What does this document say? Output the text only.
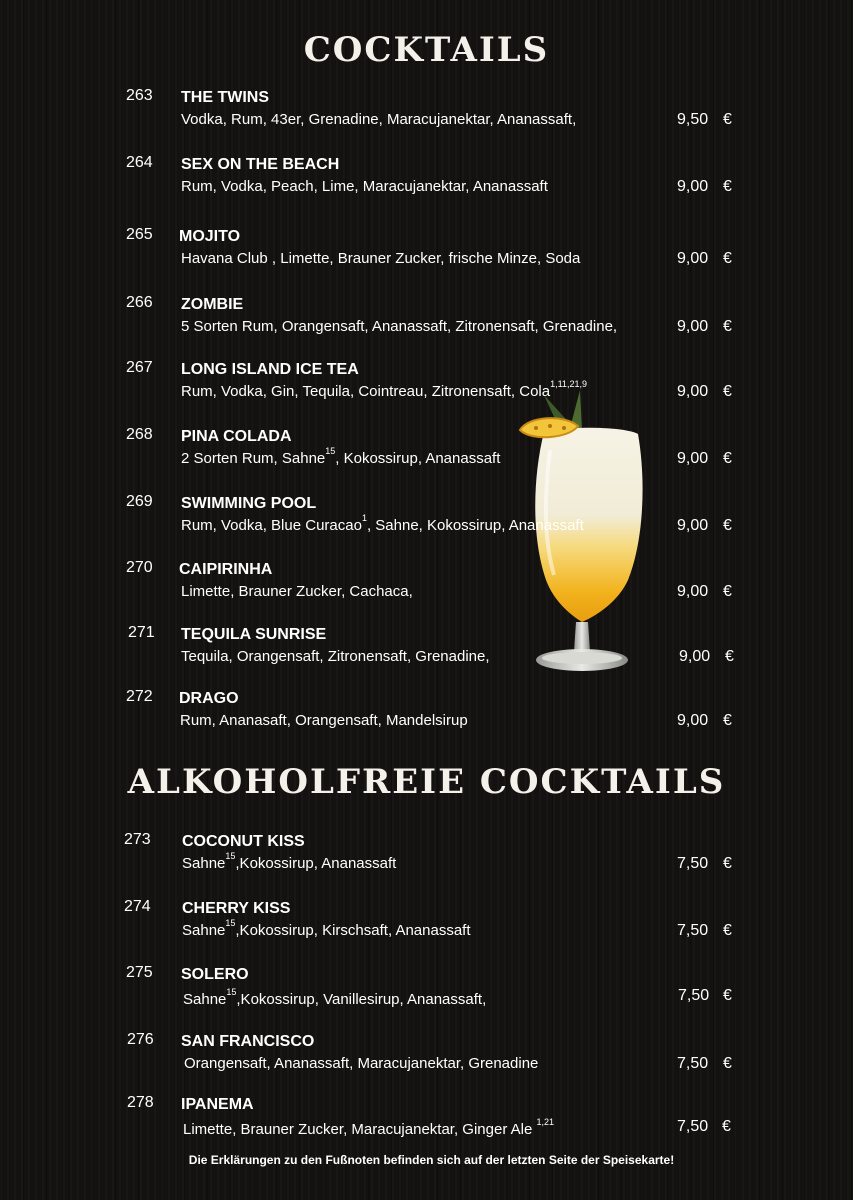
COCKTAILS
ALKOHOLFREIE COCKTAILS
263 THE TWINS
Vodka, Rum, 43er, Grenadine, Maracujanektar, Ananassaft,	9,50 €
264 SEX ON THE BEACH
Rum, Vodka, Peach, Lime, Maracujanektar, Ananassaft	9,00 €
265 MOJITO
Havana Club , Limette, Brauner Zucker, frische Minze, Soda	9,00 €
266 ZOMBIE
5 Sorten Rum, Orangensaft, Ananassaft, Zitronensaft, Grenadine,	9,00 €
267 LONG ISLAND ICE TEA
Rum, Vodka, Gin, Tequila, Cointreau, Zitronensaft, Cola$^{1,11,21,9}$	9,00 €
268 PINA COLADA
2 Sorten Rum, Sahne$^{15}$, Kokossirup, Ananassaft	9,00 €
269 SWIMMING POOL
Rum, Vodka, Blue Curacao$^1$, Sahne, Kokossirup, Ananassaft	9,00 €
270 CAIPIRINHA
Limette, Brauner Zucker, Cachaca,	9,00 €
271 TEQUILA SUNRISE
Tequila, Orangensaft, Zitronensaft, Grenadine,	9,00 €
272 DRAGO
Rum, Ananasaft, Orangensaft, Mandelsirup	9,00 €
273 COCONUT KISS
Sahne$^{15}$,Kokossirup, Ananassaft	7,50 €
274 CHERRY KISS
Sahne$^{15}$,Kokossirup, Kirschsaft, Ananassaft	7,50 €
275 SOLERO
Sahne$^{15}$,Kokossirup, Vanillesirup, Ananassaft,	7,50 €
276 SAN FRANCISCO
Orangensaft, Ananassaft, Maracujanektar, Grenadine	7,50 €
278 IPANEMA
Limette, Brauner Zucker, Maracujanektar, Ginger Ale $^{1,21}$	7,50 €
Die Erklärungen zu den Fußnoten befinden sich auf der letzten Seite der Speisekarte!
